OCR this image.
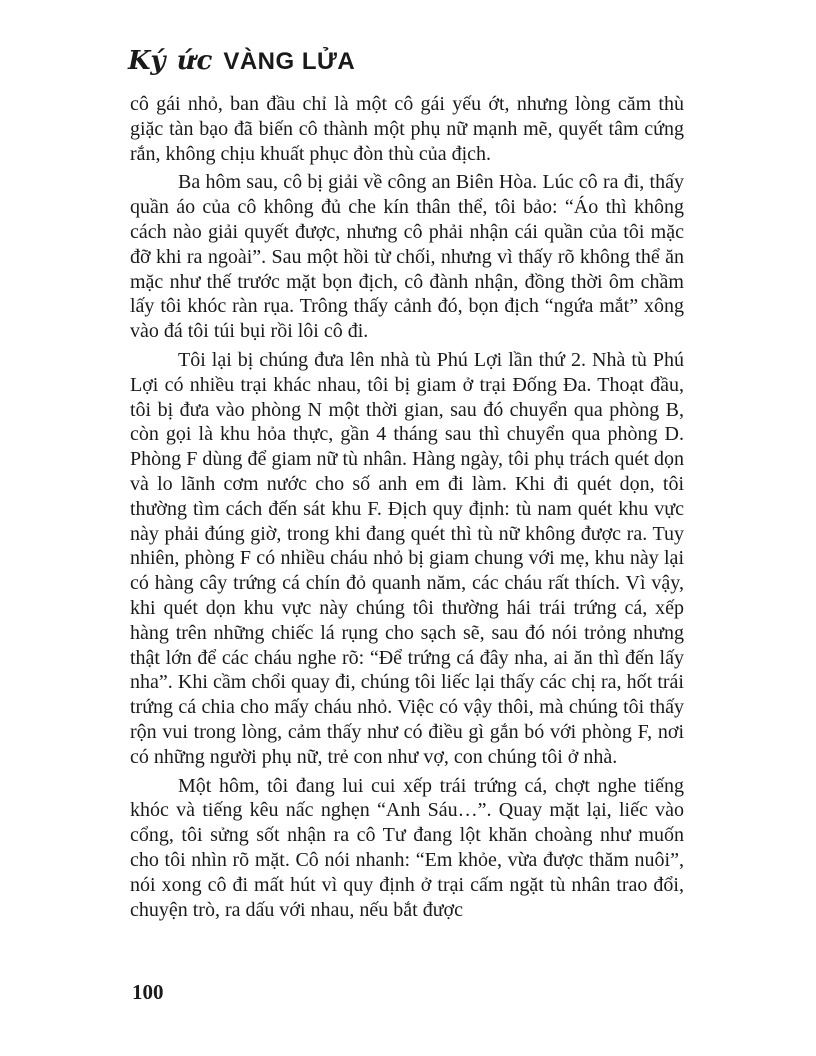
Ký ức VÀNG LỬA

cô gái nhỏ, ban đầu chỉ là một cô gái yếu ớt, nhưng lòng căm thù giặc tàn bạo đã biến cô thành một phụ nữ mạnh mẽ, quyết tâm cứng rắn, không chịu khuất phục đòn thù của địch.

Ba hôm sau, cô bị giải về công an Biên Hòa. Lúc cô ra đi, thấy quần áo của cô không đủ che kín thân thể, tôi bảo: “Áo thì không cách nào giải quyết được, nhưng cô phải nhận cái quần của tôi mặc đỡ khi ra ngoài”. Sau một hồi từ chối, nhưng vì thấy rõ không thể ăn mặc như thế trước mặt bọn địch, cô đành nhận, đồng thời ôm chầm lấy tôi khóc ràn rụa. Trông thấy cảnh đó, bọn địch “ngứa mắt” xông vào đá tôi túi bụi rồi lôi cô đi.

Tôi lại bị chúng đưa lên nhà tù Phú Lợi lần thứ 2. Nhà tù Phú Lợi có nhiều trại khác nhau, tôi bị giam ở trại Đống Đa. Thoạt đầu, tôi bị đưa vào phòng N một thời gian, sau đó chuyển qua phòng B, còn gọi là khu hỏa thực, gần 4 tháng sau thì chuyển qua phòng D. Phòng F dùng để giam nữ tù nhân. Hàng ngày, tôi phụ trách quét dọn và lo lãnh cơm nước cho số anh em đi làm. Khi đi quét dọn, tôi thường tìm cách đến sát khu F. Địch quy định: tù nam quét khu vực này phải đúng giờ, trong khi đang quét thì tù nữ không được ra. Tuy nhiên, phòng F có nhiều cháu nhỏ bị giam chung với mẹ, khu này lại có hàng cây trứng cá chín đỏ quanh năm, các cháu rất thích. Vì vậy, khi quét dọn khu vực này chúng tôi thường hái trái trứng cá, xếp hàng trên những chiếc lá rụng cho sạch sẽ, sau đó nói trỏng nhưng thật lớn để các cháu nghe rõ: “Để trứng cá đây nha, ai ăn thì đến lấy nha”. Khi cầm chổi quay đi, chúng tôi liếc lại thấy các chị ra, hốt trái trứng cá chia cho mấy cháu nhỏ. Việc có vậy thôi, mà chúng tôi thấy rộn vui trong lòng, cảm thấy như có điều gì gắn bó với phòng F, nơi có những người phụ nữ, trẻ con như vợ, con chúng tôi ở nhà.

Một hôm, tôi đang lui cui xếp trái trứng cá, chợt nghe tiếng khóc và tiếng kêu nấc nghẹn “Anh Sáu…”. Quay mặt lại, liếc vào cổng, tôi sửng sốt nhận ra cô Tư đang lột khăn choàng như muốn cho tôi nhìn rõ mặt. Cô nói nhanh: “Em khỏe, vừa được thăm nuôi”, nói xong cô đi mất hút vì quy định ở trại cấm ngặt tù nhân trao đổi, chuyện trò, ra dấu với nhau, nếu bắt được

100
